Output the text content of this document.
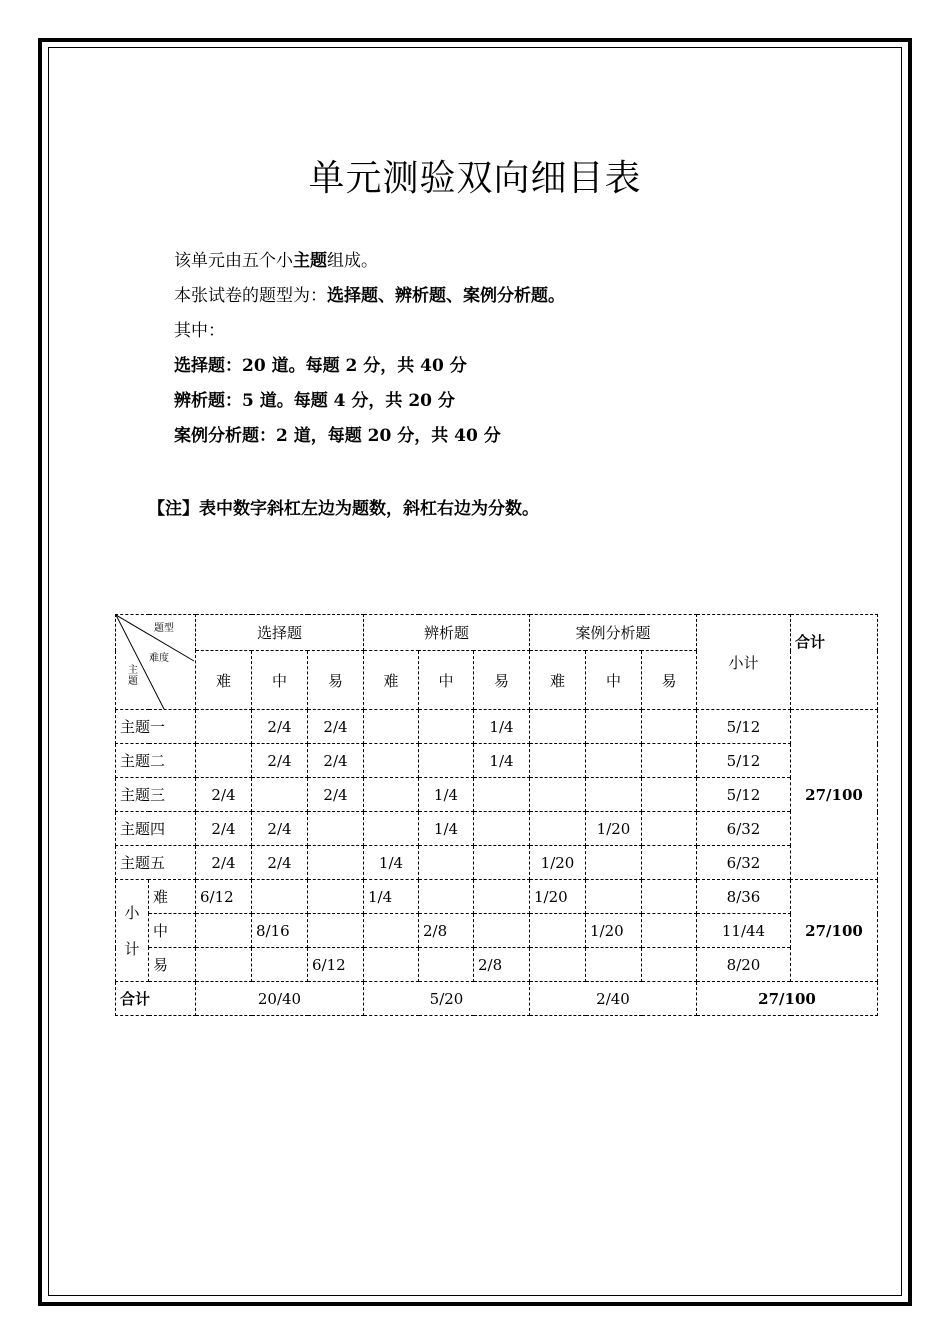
单元测验双向细目表
该单元由五个小主题组成。
本张试卷的题型为：选择题、辨析题、案例分析题。
其中：
选择题：20 道。每题 2 分，共 40 分
辨析题：5 道。每题 4 分，共 20 分
案例分析题：2 道，每题 20 分，共 40 分
【注】表中数字斜杠左边为题数，斜杠右边为分数。
题型
难度
主题		选择题			辨析题			案例分析题			小计	合计
		难	中	易	难	中	易	难	中	易		
主题一			2/4	2/4			1/4				5/12	27/100
主题二			2/4	2/4			1/4				5/12	
主题三		2/4		2/4		1/4					5/12	
主题四		2/4	2/4			1/4			1/20		6/32	
主题五		2/4	2/4		1/4			1/20			6/32	
小
计	难	6/12			1/4			1/20			8/36	27/100
	中		8/16			2/8			1/20		11/44	
	易			6/12			2/8				8/20	
合计		20/40			5/20			2/40			27/100	
